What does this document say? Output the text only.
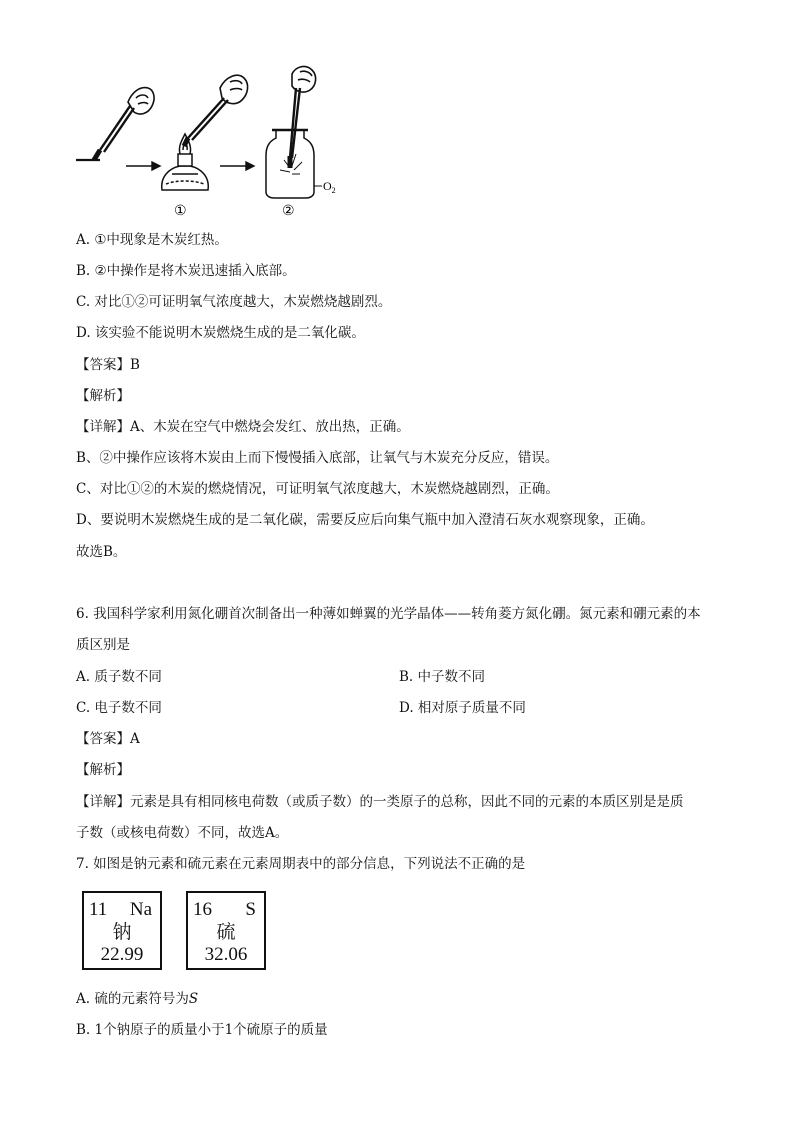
①	②
$O_2$
A. ①中现象是木炭红热。
B. ②中操作是将木炭迅速插入底部。
C. 对比①②可证明氧气浓度越大，木炭燃烧越剧烈。
D. 该实验不能说明木炭燃烧生成的是二氧化碳。
【答案】B
【解析】
【详解】A、木炭在空气中燃烧会发红、放出热，正确。
B、②中操作应该将木炭由上而下慢慢插入底部，让氧气与木炭充分反应，错误。
C、对比①②的木炭的燃烧情况，可证明氧气浓度越大，木炭燃烧越剧烈，正确。
D、要说明木炭燃烧生成的是二氧化碳，需要反应后向集气瓶中加入澄清石灰水观察现象，正确。
故选B。
6. 我国科学家利用氮化硼首次制备出一种薄如蝉翼的光学晶体——转角菱方氮化硼。氮元素和硼元素的本
质区别是
A. 质子数不同	B. 中子数不同
C. 电子数不同	D. 相对原子质量不同
【答案】A
【解析】
【详解】元素是具有相同核电荷数（或质子数）的一类原子的总称，因此不同的元素的本质区别是是质
子数（或核电荷数）不同，故选A。
7. 如图是钠元素和硫元素在元素周期表中的部分信息，下列说法不正确的是
11 Na
钠
22.99
16 S
硫
32.06
A. 硫的元素符号为S
B. 1个钠原子的质量小于1个硫原子的质量
